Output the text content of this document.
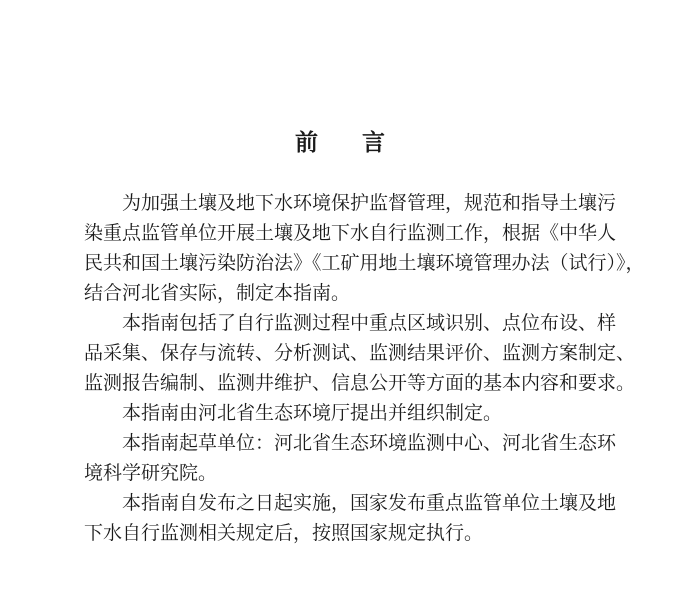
前 言
为加强土壤及地下水环境保护监督管理，规范和指导土壤污
染重点监管单位开展土壤及地下水自行监测工作，根据《中华人
民共和国土壤污染防治法》《工矿用地土壤环境管理办法（试行）》，
结合河北省实际，制定本指南。
本指南包括了自行监测过程中重点区域识别、点位布设、样
品采集、保存与流转、分析测试、监测结果评价、监测方案制定、
监测报告编制、监测井维护、信息公开等方面的基本内容和要求。
本指南由河北省生态环境厅提出并组织制定。
本指南起草单位：河北省生态环境监测中心、河北省生态环
境科学研究院。
本指南自发布之日起实施，国家发布重点监管单位土壤及地
下水自行监测相关规定后，按照国家规定执行。
